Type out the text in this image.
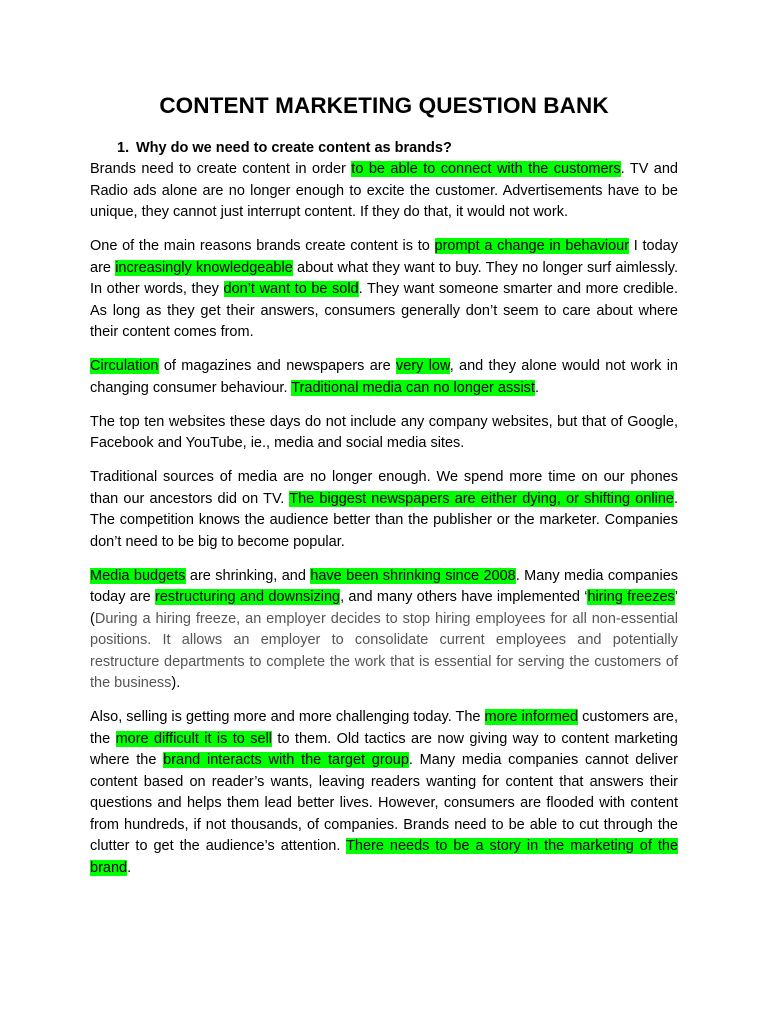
CONTENT MARKETING QUESTION BANK
1. Why do we need to create content as brands?

Brands need to create content in order to be able to connect with the customers. TV and Radio ads alone are no longer enough to excite the customer. Advertisements have to be unique, they cannot just interrupt content. If they do that, it would not work.

One of the main reasons brands create content is to prompt a change in behaviour I today are increasingly knowledgeable about what they want to buy. They no longer surf aimlessly. In other words, they don’t want to be sold. They want someone smarter and more credible. As long as they get their answers, consumers generally don’t seem to care about where their content comes from.

Circulation of magazines and newspapers are very low, and they alone would not work in changing consumer behaviour. Traditional media can no longer assist.

The top ten websites these days do not include any company websites, but that of Google, Facebook and YouTube, ie., media and social media sites.

Traditional sources of media are no longer enough. We spend more time on our phones than our ancestors did on TV. The biggest newspapers are either dying, or shifting online. The competition knows the audience better than the publisher or the marketer. Companies don’t need to be big to become popular.

Media budgets are shrinking, and have been shrinking since 2008. Many media companies today are restructuring and downsizing, and many others have implemented ‘hiring freezes’ (During a hiring freeze, an employer decides to stop hiring employees for all non-essential positions. It allows an employer to consolidate current employees and potentially restructure departments to complete the work that is essential for serving the customers of the business).

Also, selling is getting more and more challenging today. The more informed customers are, the more difficult it is to sell to them. Old tactics are now giving way to content marketing where the brand interacts with the target group. Many media companies cannot deliver content based on reader’s wants, leaving readers wanting for content that answers their questions and helps them lead better lives. However, consumers are flooded with content from hundreds, if not thousands, of companies. Brands need to be able to cut through the clutter to get the audience’s attention. There needs to be a story in the marketing of the brand.
